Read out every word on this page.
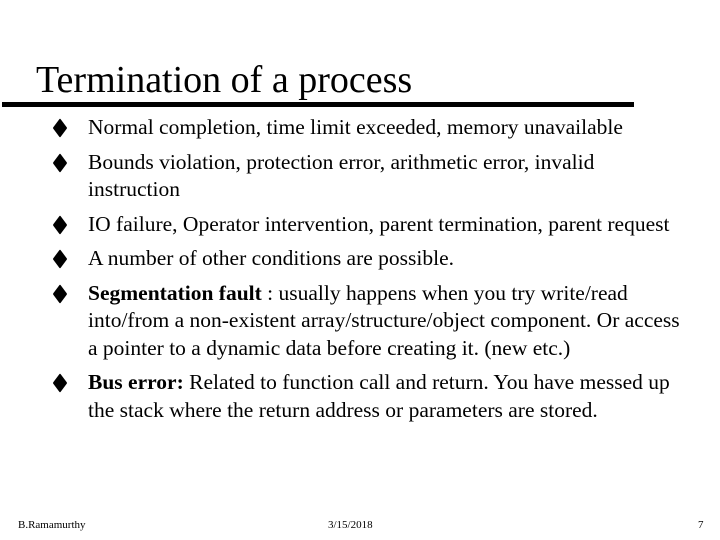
Termination of a process
Normal completion, time limit exceeded, memory unavailable
Bounds violation, protection error, arithmetic error, invalid instruction
IO failure, Operator intervention, parent termination, parent request
A number of other conditions are possible.
Segmentation fault : usually happens when you try write/read into/from a non-existent array/structure/object component. Or access a pointer to a dynamic data before creating it. (new etc.)
Bus error: Related to function call and return. You have messed up the stack where the return address or parameters are stored.
B.Ramamurthy	3/15/2018	7
